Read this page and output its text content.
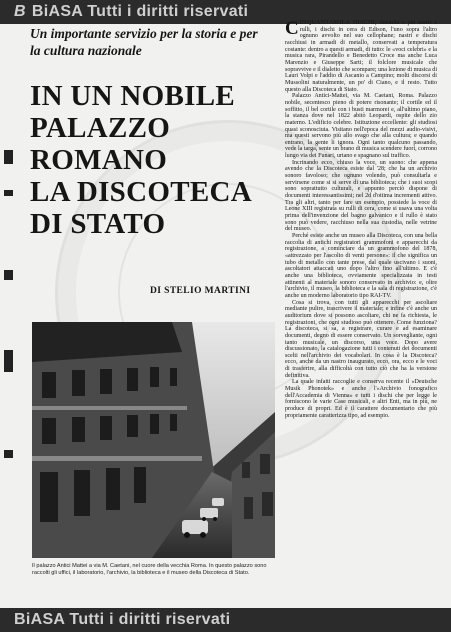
B BiASA Tutti i diritti riservati
Un importante servizio per la storia e per la cultura nazionale
IN UN NOBILE
PALAZZO ROMANO
LA DISCOTECA
DI STATO
DI STELIO MARTINI

Il palazzo Antici Mattei a via M. Caetani, nel cuore della vecchia Roma. In questo palazzo sono raccolti gli uffici, il laboratorio, l'archivio, la biblioteca e il museo della Discoteca di Stato.

CINQUANTAMILA DISCHI, duemila e più nastri e rulli, i dischi in cera di Edison, l'uno sopra l'altro ognuno avvolto nel suo cellophane; nastri e dischi racchiusi in armadi di metallo, conservati a temperatura costante: dentro a questi armadi, di tutto: le «voci celebri» e la musica rara, Pirandello e Benedetto Croce ma anche Luca Marenzio e Giuseppe Sarti; il folclore musicale che sopravvive e il dialetto che scompare; una lezione di musica di Lauri Volpi e l'addio di Ascanio a Campino; molti discorsi di Mussolini naturalmente, un po' di Ciano, e il resto. Tutto questo alla Discoteca di Stato.

Palazzo Antici-Mattei, via M. Caetani, Roma. Palazzo nobile, secentesco pieno di potere risonante; il cortile ed il soffitto, il bel cortile con i busti marmorei e, all'ultimo piano, la stanza dove nel 1822 abitò Leopardi, ospite dello zio materno. L'edificio celebre. Istituzione eccellente: gli studiosi quasi sconosciuta. Visitano nell'epoca del mezzi audio-visivi, ma questi servono più allo svago che alla cultura; e quando entrano, la gente li ignora. Ogni tanto qualcuno passando, vede la targa, sente un brano di musica scendere fuori, corrono lungo via dei Funari, urtano e spagnano sul traffico.

Incrinando ecco, chiuso la voce, un suono: che appena avendo che la Discoteca esiste dal '28; che ha un archivio sonoro favoloso; che ognuno volendo, può consultarla e servirsene come si si serve di una biblioteca; che i suoi scopi sono soprattutto culturali, e appunto perciò dispone di documenti interessantissimi; nel 2d d'ottima incrementi attivo. Tra gli altri, tanto per fare un esempio, possiede la voce di Leone XIII registrata su rulli di cera, come si usava una volta prima dell'invenzione del bagno galvanico e il rullo è stato sono può vedere, racchiuso nella sua custodia, nelle vetrine del museo.

Perché esiste anche un museo alla Discoteca, con una bella raccolta di antichi registratori grammofoni e apparecchi da registrazione, a cominciare da un grammofono del 1878, «attrezzato per l'ascolto di venti persone»: il che significa un tubo di metallo con tante prese, dal quale uscivano i suoni, ascoltatori attaccati uno dopo l'altro fino all'ultimo. E c'è anche una biblioteca, ovviamente specializzata in testi attinenti al materiale sonoro conservato in archivio: e, oltre l'archivio, il museo, la biblioteca e la sala di registrazione, c'è anche un moderno laboratorio tipo RAI-TV.

Cosa si trova, con tutti gli apparecchi per ascoltare mediante pulire, trascrivere il materiale; e infine c'è anche un auditorium dove si possono ascoltare, chi ne fa richiesta, le registrazioni, che ogni studioso può ottenere. Come funziona? La discoteca, si sa, a registrare, curare e ad esaminare documenti, degno di essere conservato. Un sorvegliante, ogni tanto musicale, un discorso, una voce. Dopo avere discussionato, la catalogazione tutti i contenuti dei documenti scelti nell'archivio dei vocabolari. In cosa è la Discoteca? ecco, anche da un nastro inaugurato, ecco, ora, ecco e le voci di trasferire, alla difficoltà con tutto ciò che ha la versione definitiva.

La quale infatti raccoglie e conserva recente il «Deutsche Musik Phonotek» e anche l'«Archivio fonografico dell'Accademia di Vienna» e tutti i dischi che per legge le forniscono le varie Case musicali, e altri Enti, ma in più, ne produce di propri. Ed è il carattere documentario che più propriamente caratterizza tipo, ad esempio.

BiASA Tutti i diritti riservati
